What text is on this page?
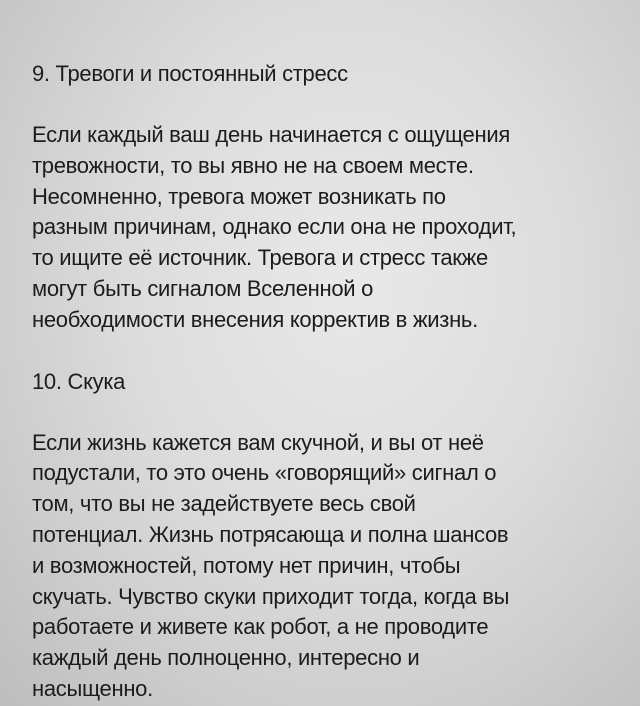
9. Тревоги и постоянный стресс

Если каждый ваш день начинается с ощущения
тревожности, то вы явно не на своем месте.
Несомненно, тревога может возникать по
разным причинам, однако если она не проходит,
то ищите её источник. Тревога и стресс также
могут быть сигналом Вселенной о
необходимости внесения корректив в жизнь.

10. Скука

Если жизнь кажется вам скучной, и вы от неё
подустали, то это очень «говорящий» сигнал о
том, что вы не задействуете весь свой
потенциал. Жизнь потрясающа и полна шансов
и возможностей, потому нет причин, чтобы
скучать. Чувство скуки приходит тогда, когда вы
работаете и живете как робот, а не проводите
каждый день полноценно, интересно и
насыщенно.
